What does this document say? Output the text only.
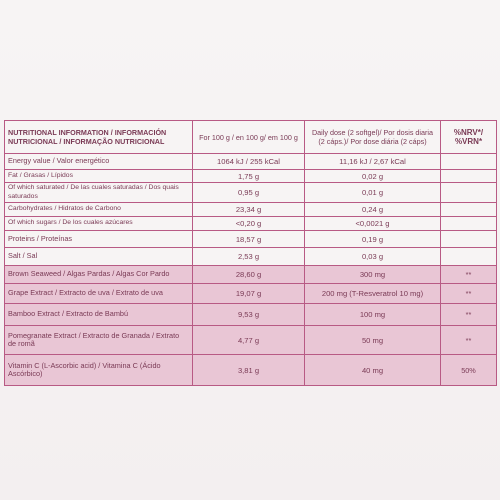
NUTRITIONAL INFORMATION / INFORMACIÓN NUTRICIONAL / INFORMAÇÃO NUTRICIONAL	For 100 g / en 100 g/ em 100 g	Daily dose (2 softgel)/ Por dosis diaria (2 cáps.)/ Por dose diária (2 cáps)	%NRV*/ %VRN*
Energy value / Valor energético	1064 kJ / 255 kCal	11,16 kJ / 2,67 kCal	
Fat / Grasas / Lípidos	1,75 g	0,02 g	
Of which saturated / De las cuales saturadas / Dos quais saturados	0,95 g	0,01 g	
Carbohydrates / Hidratos de Carbono	23,34 g	0,24 g	
Of which sugars / De los cuales azúcares	<0,20 g	<0,0021 g	
Proteins / Proteínas	18,57 g	0,19 g	
Salt / Sal	2,53 g	0,03 g	
Brown Seaweed / Algas Pardas / Algas Cor Pardo	28,60 g	300 mg	**
Grape Extract / Extracto de uva / Extrato de uva	19,07 g	200 mg (T-Resveratrol 10 mg)	**
Bamboo Extract / Extracto de Bambú	9,53 g	100 mg	**
Pomegranate Extract / Extracto de Granada / Extrato de romã	4,77 g	50 mg	**
Vitamin C (L-Ascorbic acid) / Vitamina C (Ácido Ascórbico)	3,81 g	40 mg	50%
